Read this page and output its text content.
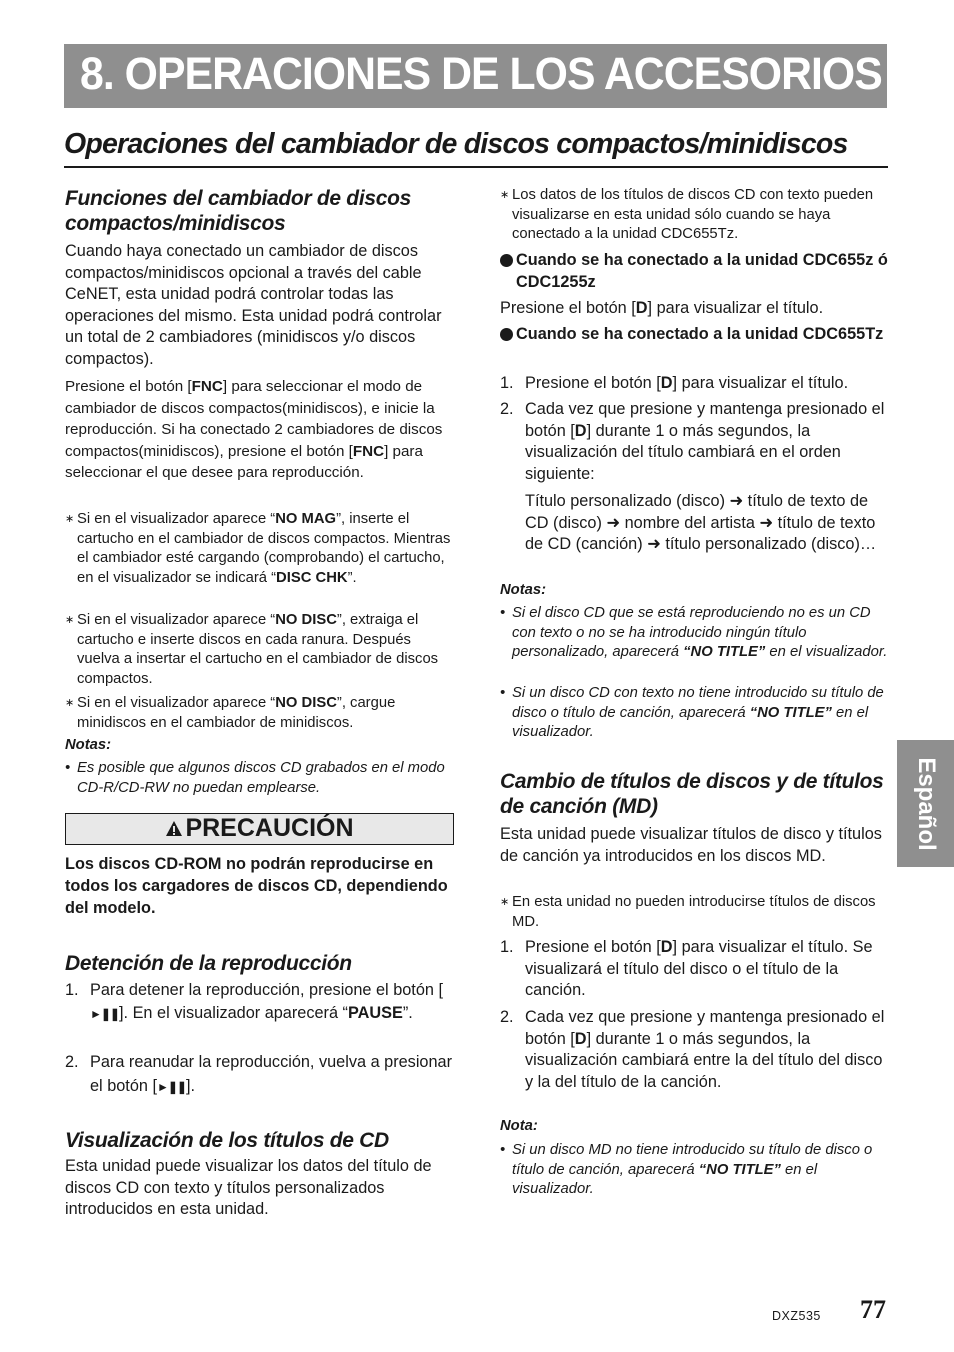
8. OPERACIONES DE LOS ACCESORIOS
Operaciones del cambiador de discos compactos/minidiscos
Funciones del cambiador de discos compactos/minidiscos
Cuando haya conectado un cambiador de discos compactos/minidiscos opcional a través del cable CeNET, esta unidad podrá controlar todas las operaciones del mismo. Esta unidad podrá controlar un total de 2 cambiadores (minidiscos y/o discos compactos).
Presione el botón [FNC] para seleccionar el modo de cambiador de discos compactos(minidiscos), e inicie la reproducción. Si ha conectado 2 cambiadores de discos compactos(minidiscos), presione el botón [FNC] para seleccionar el que desee para reproducción.
∗ Si en el visualizador aparece “NO MAG”, inserte el cartucho en el cambiador de discos compactos. Mientras el cambiador esté cargando (comprobando) el cartucho, en el visualizador se indicará “DISC CHK”.
∗ Si en el visualizador aparece “NO DISC”, extraiga el cartucho e inserte discos en cada ranura. Después vuelva a insertar el cartucho en el cambiador de discos compactos.
∗ Si en el visualizador aparece “NO DISC”, cargue minidiscos en el cambiador de minidiscos.
Notas:
• Es posible que algunos discos CD grabados en el modo CD-R/CD-RW no puedan emplearse.
PRECAUCIÓN
Los discos CD-ROM no podrán reproducirse en todos los cargadores de discos CD, dependiendo del modelo.
Detención de la reproducción
1. Para detener la reproducción, presione el botón [►❚❚]. En el visualizador aparecerá “PAUSE”.
2. Para reanudar la reproducción, vuelva a presionar el botón [►❚❚].
Visualización de los títulos de CD
Esta unidad puede visualizar los datos del título de discos CD con texto y títulos personalizados introducidos en esta unidad.
∗ Los datos de los títulos de discos CD con texto pueden visualizarse en esta unidad sólo cuando se haya conectado a la unidad CDC655Tz.
Cuando se ha conectado a la unidad CDC655z ó CDC1255z
Presione el botón [D] para visualizar el título.
Cuando se ha conectado a la unidad CDC655Tz
1. Presione el botón [D] para visualizar el título.
2. Cada vez que presione y mantenga presionado el botón [D] durante 1 o más segundos, la visualización del título cambiará en el orden siguiente:
Título personalizado (disco) ➜ título de texto de CD (disco) ➜ nombre del artista ➜ título de texto de CD (canción) ➜ título personalizado (disco)…
Notas:
• Si el disco CD que se está reproduciendo no es un CD con texto o no se ha introducido ningún título personalizado, aparecerá “NO TITLE” en el visualizador.
• Si un disco CD con texto no tiene introducido su título de disco o título de canción, aparecerá “NO TITLE” en el visualizador.
Cambio de títulos de discos y de títulos de canción (MD)
Esta unidad puede visualizar títulos de disco y títulos de canción ya introducidos en los discos MD.
∗ En esta unidad no pueden introducirse títulos de discos MD.
1. Presione el botón [D] para visualizar el título. Se visualizará el título del disco o el título de la canción.
2. Cada vez que presione y mantenga presionado el botón [D] durante 1 o más segundos, la visualización cambiará entre la del título del disco y la del título de la canción.
Nota:
• Si un disco MD no tiene introducido su título de disco o título de canción, aparecerá “NO TITLE” en el visualizador.
Español
DXZ535 77
